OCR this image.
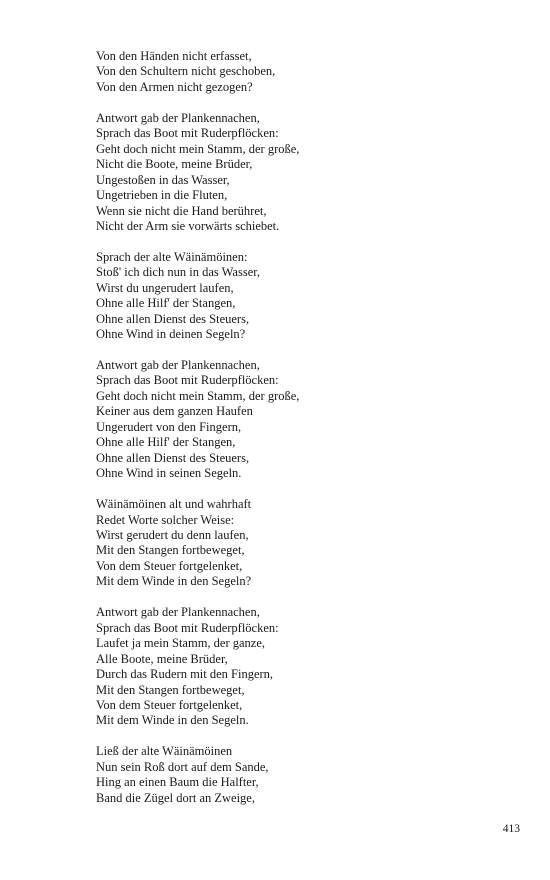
Von den Händen nicht erfasset,
Von den Schultern nicht geschoben,
Von den Armen nicht gezogen?
Antwort gab der Plankennachen,
Sprach das Boot mit Ruderpflöcken:
Geht doch nicht mein Stamm, der große,
Nicht die Boote, meine Brüder,
Ungestoßen in das Wasser,
Ungetrieben in die Fluten,
Wenn sie nicht die Hand berühret,
Nicht der Arm sie vorwärts schiebet.
Sprach der alte Wäinämöinen:
Stoß' ich dich nun in das Wasser,
Wirst du ungerudert laufen,
Ohne alle Hilf' der Stangen,
Ohne allen Dienst des Steuers,
Ohne Wind in deinen Segeln?
Antwort gab der Plankennachen,
Sprach das Boot mit Ruderpflöcken:
Geht doch nicht mein Stamm, der große,
Keiner aus dem ganzen Haufen
Ungerudert von den Fingern,
Ohne alle Hilf' der Stangen,
Ohne allen Dienst des Steuers,
Ohne Wind in seinen Segeln.
Wäinämöinen alt und wahrhaft
Redet Worte solcher Weise:
Wirst gerudert du denn laufen,
Mit den Stangen fortbeweget,
Von dem Steuer fortgelenket,
Mit dem Winde in den Segeln?
Antwort gab der Plankennachen,
Sprach das Boot mit Ruderpflöcken:
Laufet ja mein Stamm, der ganze,
Alle Boote, meine Brüder,
Durch das Rudern mit den Fingern,
Mit den Stangen fortbeweget,
Von dem Steuer fortgelenket,
Mit dem Winde in den Segeln.
Ließ der alte Wäinämöinen
Nun sein Roß dort auf dem Sande,
Hing an einen Baum die Halfter,
Band die Zügel dort an Zweige,
413
